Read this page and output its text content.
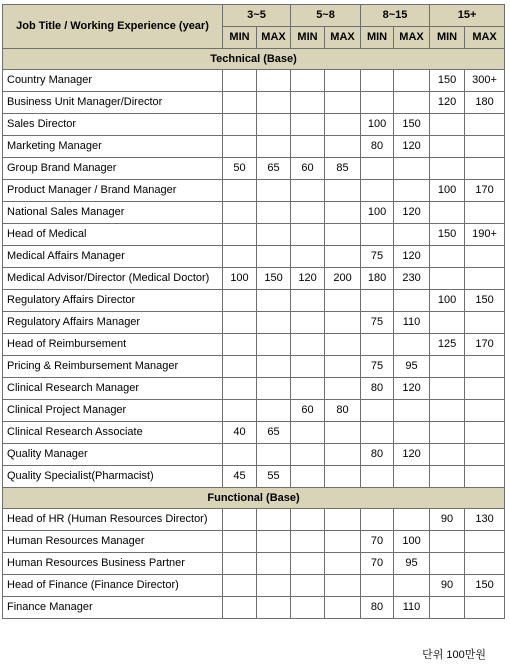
Job Title / Working Experience (year)	3~5		5~8		8~15		15+	
	MIN	MAX	MIN	MAX	MIN	MAX	MIN	MAX
Technical (Base)								
Country Manager							150	300+
Business Unit Manager/Director							120	180
Sales Director					100	150		
Marketing Manager					80	120		
Group Brand Manager	50	65	60	85				
Product Manager / Brand Manager							100	170
National Sales Manager					100	120		
Head of Medical							150	190+
Medical Affairs Manager					75	120		
Medical Advisor/Director (Medical Doctor)	100	150	120	200	180	230		
Regulatory Affairs Director							100	150
Regulatory Affairs Manager					75	110		
Head of Reimbursement							125	170
Pricing & Reimbursement Manager					75	95		
Clinical Research Manager					80	120		
Clinical Project Manager			60	80				
Clinical Research Associate	40	65						
Quality Manager					80	120		
Quality Specialist(Pharmacist)	45	55						
Functional (Base)								
Head of HR (Human Resources Director)							90	130
Human Resources Manager					70	100		
Human Resources Business Partner					70	95		
Head of Finance (Finance Director)							90	150
Finance Manager					80	110		
단위 100만원
